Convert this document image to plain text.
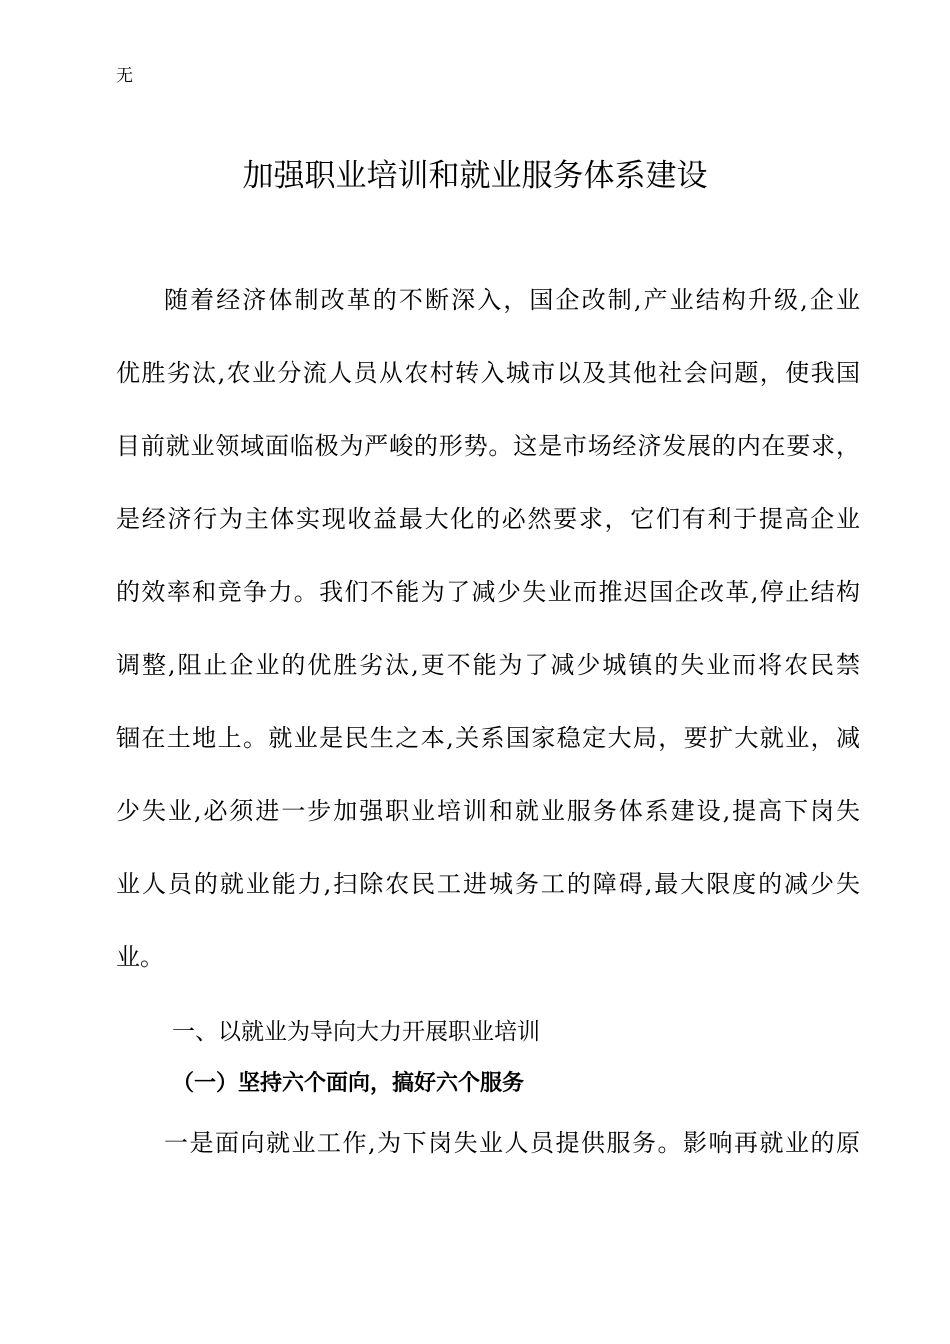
无
加强职业培训和就业服务体系建设
随着经济体制改革的不断深入，国企改制,产业结构升级,企业
优胜劣汰,农业分流人员从农村转入城市以及其他社会问题，使我国
目前就业领域面临极为严峻的形势。这是市场经济发展的内在要求，
是经济行为主体实现收益最大化的必然要求，它们有利于提高企业
的效率和竞争力。我们不能为了减少失业而推迟国企改革,停止结构
调整,阻止企业的优胜劣汰,更不能为了减少城镇的失业而将农民禁
锢在土地上。就业是民生之本,关系国家稳定大局，要扩大就业，减
少失业,必须进一步加强职业培训和就业服务体系建设,提高下岗失
业人员的就业能力,扫除农民工进城务工的障碍,最大限度的减少失
业。
一、以就业为导向大力开展职业培训
（一）坚持六个面向，搞好六个服务
一是面向就业工作,为下岗失业人员提供服务。影响再就业的原
